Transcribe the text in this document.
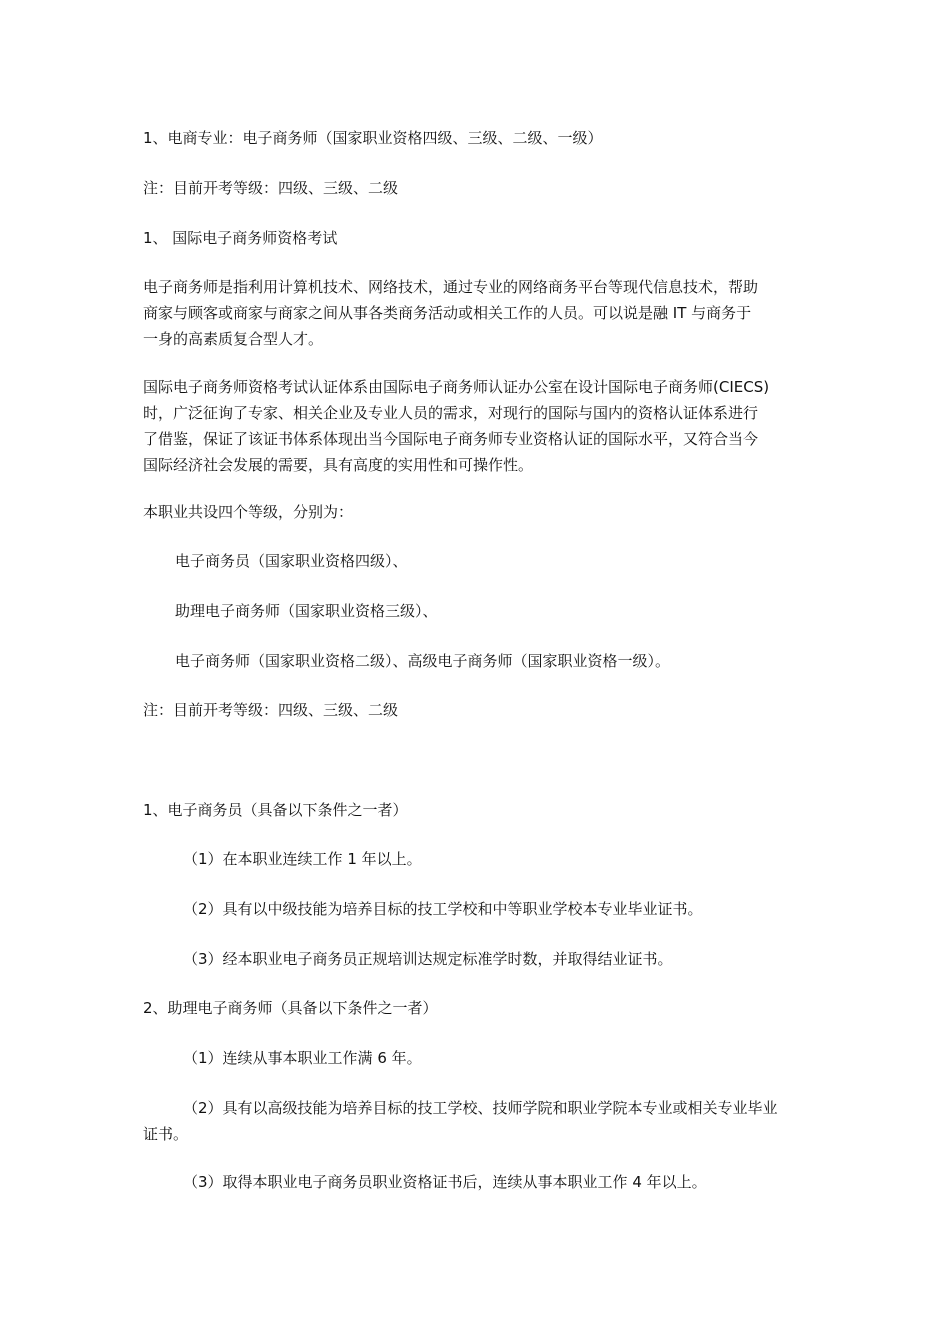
1、电商专业：电子商务师（国家职业资格四级、三级、二级、一级）
注：目前开考等级：四级、三级、二级
1、 国际电子商务师资格考试
电子商务师是指利用计算机技术、网络技术，通过专业的网络商务平台等现代信息技术，帮助
商家与顾客或商家与商家之间从事各类商务活动或相关工作的人员。可以说是融 IT 与商务于
一身的高素质复合型人才。
国际电子商务师资格考试认证体系由国际电子商务师认证办公室在设计国际电子商务师(CIECS)
时，广泛征询了专家、相关企业及专业人员的需求，对现行的国际与国内的资格认证体系进行
了借鉴，保证了该证书体系体现出当今国际电子商务师专业资格认证的国际水平，又符合当今
国际经济社会发展的需要，具有高度的实用性和可操作性。
本职业共设四个等级，分别为：
电子商务员（国家职业资格四级）、
助理电子商务师（国家职业资格三级）、
电子商务师（国家职业资格二级）、高级电子商务师（国家职业资格一级）。
注：目前开考等级：四级、三级、二级
1、电子商务员（具备以下条件之一者）
（1）在本职业连续工作 1 年以上。
（2）具有以中级技能为培养目标的技工学校和中等职业学校本专业毕业证书。
（3）经本职业电子商务员正规培训达规定标准学时数，并取得结业证书。
2、助理电子商务师（具备以下条件之一者）
（1）连续从事本职业工作满 6 年。
（2）具有以高级技能为培养目标的技工学校、技师学院和职业学院本专业或相关专业毕业
证书。
（3）取得本职业电子商务员职业资格证书后，连续从事本职业工作 4 年以上。
